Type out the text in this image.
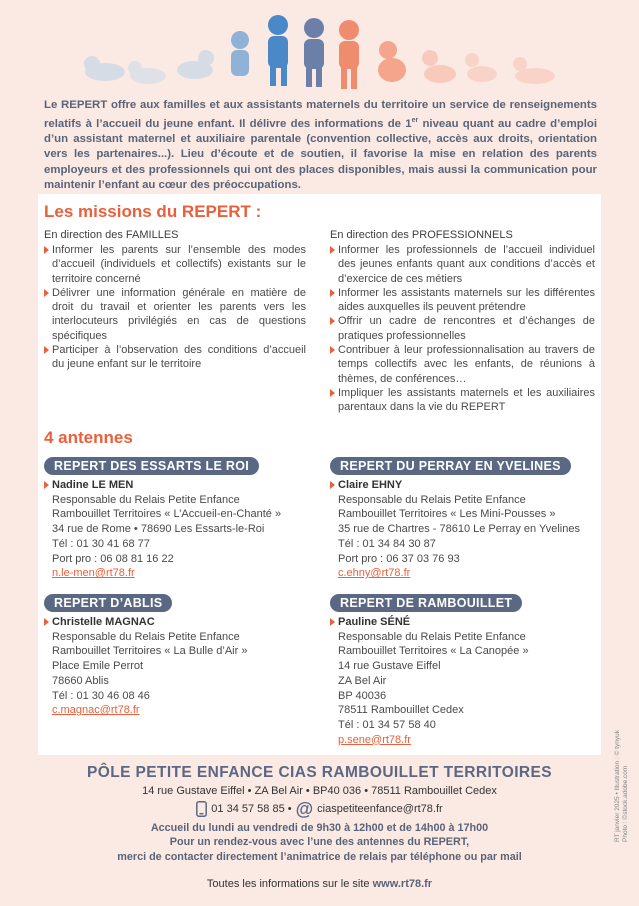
Le REPERT offre aux familles et aux assistants maternels du territoire un service de renseignements relatifs à l’accueil du jeune enfant. Il délivre des informations de 1er niveau quant au cadre d’emploi d’un assistant maternel et auxiliaire parentale (convention collective, accès aux droits, orientation vers les partenaires...). Lieu d’écoute et de soutien, il favorise la mise en relation des parents employeurs et des professionnels qui ont des places disponibles, mais aussi la communication pour maintenir l’enfant au cœur des préoccupations.
Les missions du REPERT :
En direction des FAMILLES
Informer les parents sur l’ensemble des modes d’accueil (individuels et collectifs) existants sur le territoire concerné
Délivrer une information générale en matière de droit du travail et orienter les parents vers les interlocuteurs privilégiés en cas de questions spécifiques
Participer à l’observation des conditions d’accueil du jeune enfant sur le territoire
En direction des PROFESSIONNELS
Informer les professionnels de l’accueil individuel des jeunes enfants quant aux conditions d’accès et d’exercice de ces métiers
Informer les assistants maternels sur les différentes aides auxquelles ils peuvent prétendre
Offrir un cadre de rencontres et d’échanges de pratiques professionnelles
Contribuer à leur professionnalisation au travers de temps collectifs avec les enfants, de réunions à thèmes, de conférences…
Impliquer les assistants maternels et les auxiliaires parentaux dans la vie du REPERT
4 antennes
REPERT DES ESSARTS LE ROI
Nadine LE MEN
Responsable du Relais Petite Enfance
Rambouillet Territoires « L’Accueil-en-Chanté »
34 rue de Rome • 78690 Les Essarts-le-Roi
Tél : 01 30 41 68 77
Port pro : 06 08 81 16 22
n.le-men@rt78.fr
REPERT DU PERRAY EN YVELINES
Claire EHNY
Responsable du Relais Petite Enfance
Rambouillet Territoires « Les Mini-Pousses »
35 rue de Chartres - 78610 Le Perray en Yvelines
Tél : 01 34 84 30 87
Port pro : 06 37 03 76 93
c.ehny@rt78.fr
REPERT D’ABLIS
Christelle MAGNAC
Responsable du Relais Petite Enfance
Rambouillet Territoires « La Bulle d’Air »
Place Emile Perrot
78660 Ablis
Tél : 01 30 46 08 46
c.magnac@rt78.fr
REPERT DE RAMBOUILLET
Pauline SÉNÉ
Responsable du Relais Petite Enfance
Rambouillet Territoires « La Canopée »
14 rue Gustave Eiffel
ZA Bel Air
BP 40036
78511 Rambouillet Cedex
Tél : 01 34 57 58 40
p.sene@rt78.fr
PÔLE PETITE ENFANCE CIAS RAMBOUILLET TERRITOIRES
14 rue Gustave Eiffel • ZA Bel Air • BP40 036 • 78511 Rambouillet Cedex
01 34 57 58 85 • @ ciaspetiteenfance@rt78.fr
Accueil du lundi au vendredi de 9h30 à 12h00 et de 14h00 à 17h00
Pour un rendez-vous avec l’une des antennes du REPERT,
merci de contacter directement l’animatrice de relais par téléphone ou par mail
Toutes les informations sur le site www.rt78.fr
RT janvier 2025 • Illustration : © tynyuk Photo : ©stock.adobe.com
